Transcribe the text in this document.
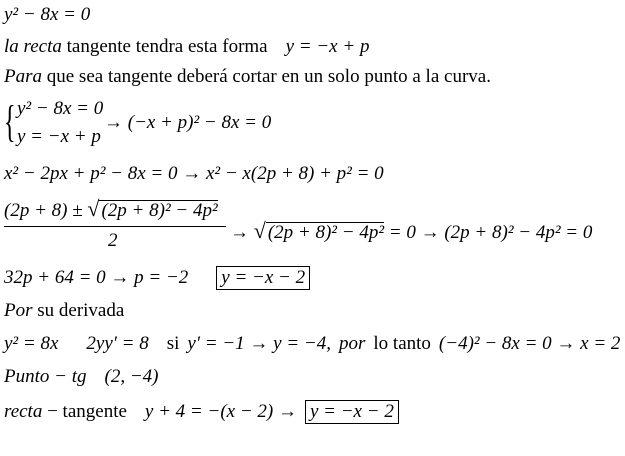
y² − 8x = 0
la recta tangente tendra esta forma y = −x + p
Para que sea tangente deberá cortar en un solo punto a la curva.
{ y² − 8x = 0
y = −x + p
→ (−x + p)² − 8x = 0
x² − 2px + p² − 8x = 0 → x² − x(2p + 8) + p² = 0
(2p + 8) ± √ (2p + 8)² − 4p²
2	→ √ (2p + 8)² − 4p² = 0 → (2p + 8)² − 4p² = 0
32p + 64 = 0 → p = −2 y = −x − 2
Por su derivada
y² = 8x 2yy′ = 8 si y′ = −1 → y = −4, por lo tanto (−4)² − 8x = 0 → x = 2
Punto − tg (2, −4)
recta − tangente y + 4 = −(x − 2) → y = −x − 2
